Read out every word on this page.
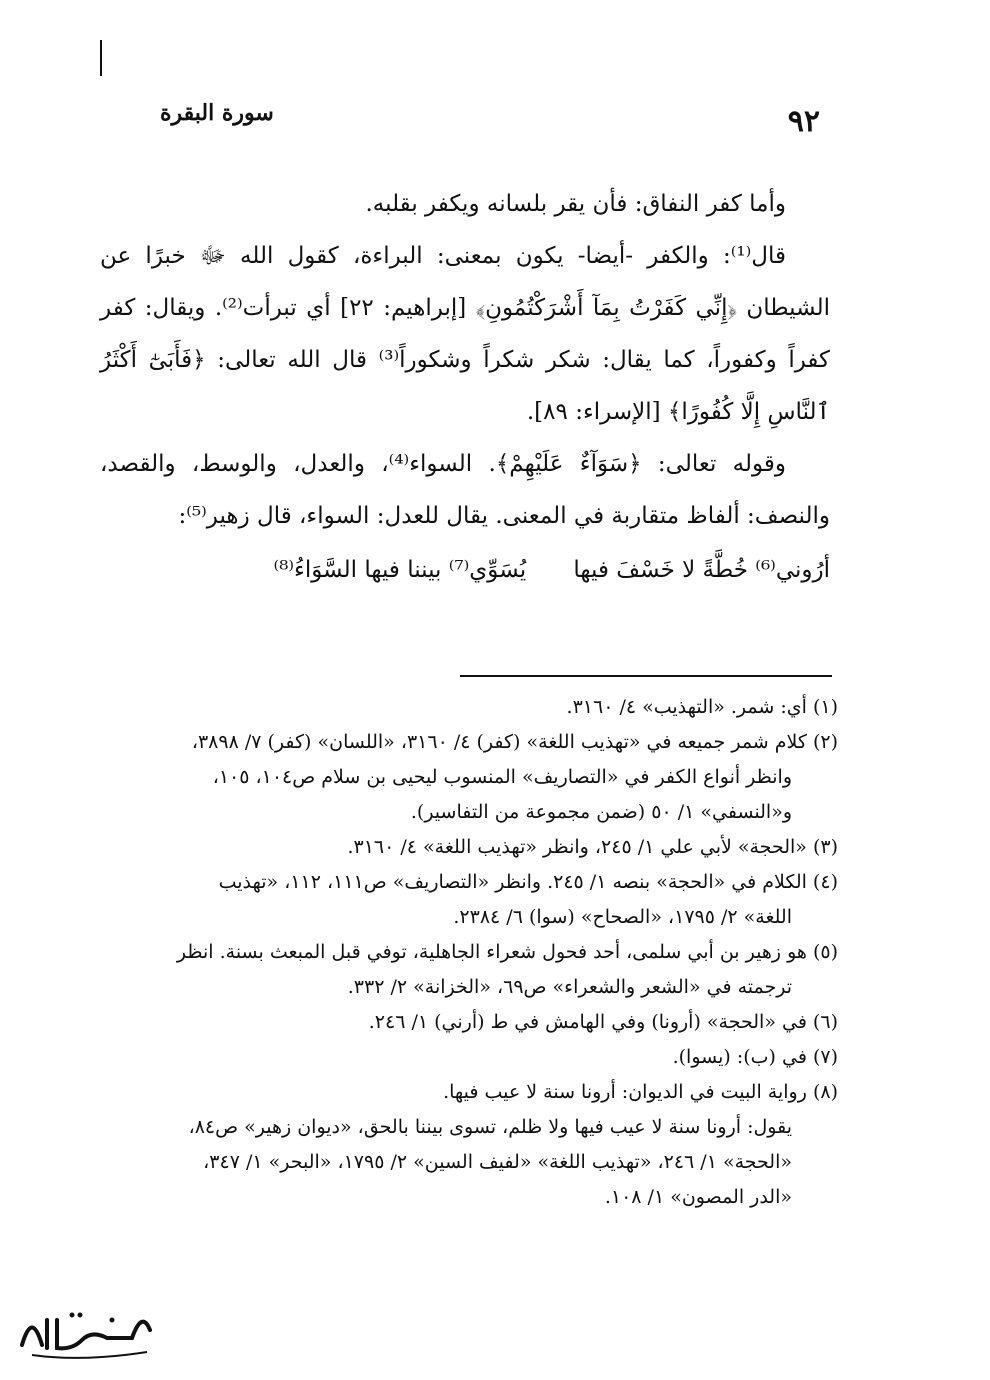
٩٢
سورة البقرة

وأما كفر النفاق: فأن يقر بلسانه ويكفر بقلبه.

قال⁽¹⁾: والكفر -أيضا- يكون بمعنى: البراءة، كقول الله ﷻ خبرًا عن الشيطان ﴿إِنِّي كَفَرْتُ بِمَآ أَشْرَكْتُمُونِ﴾ [إبراهيم: ٢٢] أي تبرأت⁽²⁾. ويقال: كفر كفراً وكفوراً، كما يقال: شكر شكراً وشكوراً⁽³⁾ قال الله تعالى: ﴿فَأَبَىٰٓ أَكْثَرُ ٱلنَّاسِ إِلَّا كُفُورًا﴾ [الإسراء: ٨٩].

وقوله تعالى: ﴿سَوَآءٌ عَلَيْهِمْ﴾. السواء⁽⁴⁾، والعدل، والوسط، والقصد، والنصف: ألفاظ متقاربة في المعنى. يقال للعدل: السواء، قال زهير⁽⁵⁾:

أرُوني⁽⁶⁾ خُطَّةً لا خَسْفَ فيها يُسَوِّي⁽⁷⁾ بيننا فيها السَّوَاءُ⁽⁸⁾

(١) أي: شمر. «التهذيب» ٤/ ٣١٦٠.

(٢) كلام شمر جميعه في «تهذيب اللغة» (كفر) ٤/ ٣١٦٠، «اللسان» (كفر) ٧/ ٣٨٩٨،

وانظر أنواع الكفر في «التصاريف» المنسوب ليحيى بن سلام ص١٠٤، ١٠٥،

و«النسفي» ١/ ٥٠ (ضمن مجموعة من التفاسير).

(٣) «الحجة» لأبي علي ١/ ٢٤٥، وانظر «تهذيب اللغة» ٤/ ٣١٦٠.

(٤) الكلام في «الحجة» بنصه ١/ ٢٤٥. وانظر «التصاريف» ص١١١، ١١٢، «تهذيب

اللغة» ٢/ ١٧٩٥، «الصحاح» (سوا) ٦/ ٢٣٨٤.

(٥) هو زهير بن أبي سلمى، أحد فحول شعراء الجاهلية، توفي قبل المبعث بسنة. انظر

ترجمته في «الشعر والشعراء» ص٦٩، «الخزانة» ٢/ ٣٣٢.

(٦) في «الحجة» (أرونا) وفي الهامش في ط (أرني) ١/ ٢٤٦.

(٧) في (ب): (يسوا).

(٨) رواية البيت في الديوان: أرونا سنة لا عيب فيها.

يقول: أرونا سنة لا عيب فيها ولا ظلم، تسوى بيننا بالحق، «ديوان زهير» ص٨٤،

«الحجة» ١/ ٢٤٦، «تهذيب اللغة» «لفيف السين» ٢/ ١٧٩٥، «البحر» ١/ ٣٤٧،

«الدر المصون» ١/ ١٠٨.
